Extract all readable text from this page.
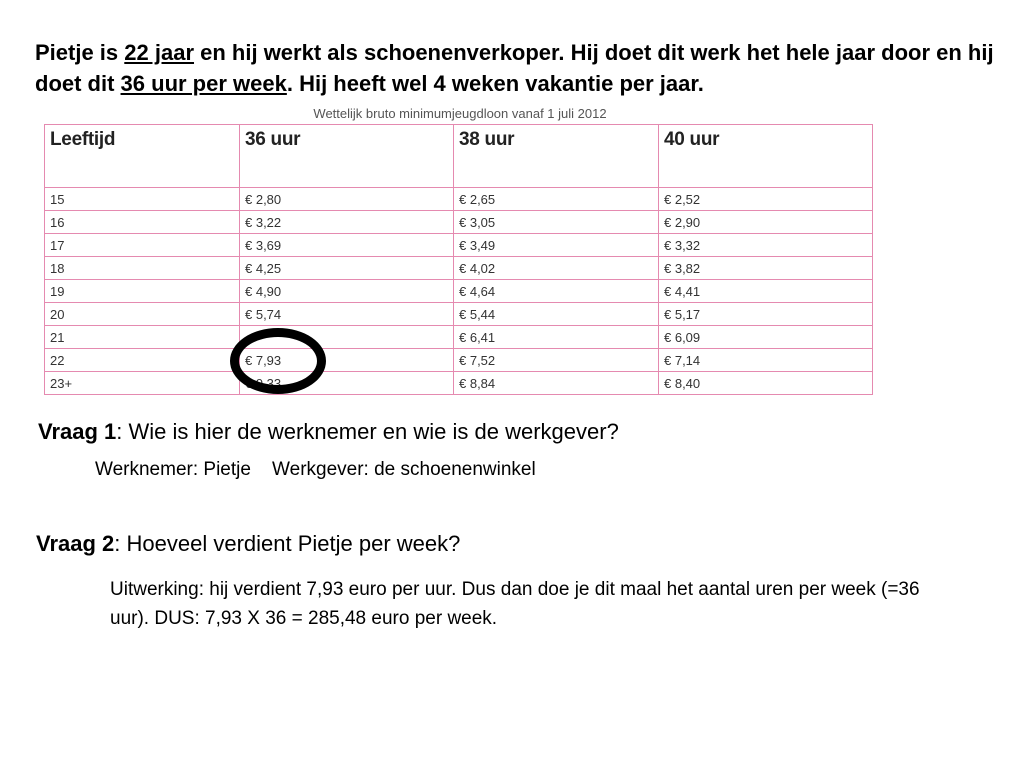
Pietje is 22 jaar en hij werkt als schoenenverkoper. Hij doet dit werk het hele jaar door en hij doet dit 36 uur per week. Hij heeft wel 4 weken vakantie per jaar.
Wettelijk bruto minimumjeugdloon vanaf 1 juli 2012
Leeftijd	36 uur	38 uur	40 uur
15	€ 2,80	€ 2,65	€ 2,52
16	€ 3,22	€ 3,05	€ 2,90
17	€ 3,69	€ 3,49	€ 3,32
18	€ 4,25	€ 4,02	€ 3,82
19	€ 4,90	€ 4,64	€ 4,41
20	€ 5,74	€ 5,44	€ 5,17
21		€ 6,41	€ 6,09
22	€ 7,93	€ 7,52	€ 7,14
23+	€ 9,33	€ 8,84	€ 8,40
Vraag 1: Wie is hier de werknemer en wie is de werkgever?
Werknemer: Pietje    Werkgever: de schoenenwinkel
Vraag 2: Hoeveel verdient Pietje per week?
Uitwerking: hij verdient 7,93 euro per uur. Dus dan doe je dit maal het aantal uren per week (=36 uur). DUS: 7,93 X 36 = 285,48 euro per week.
